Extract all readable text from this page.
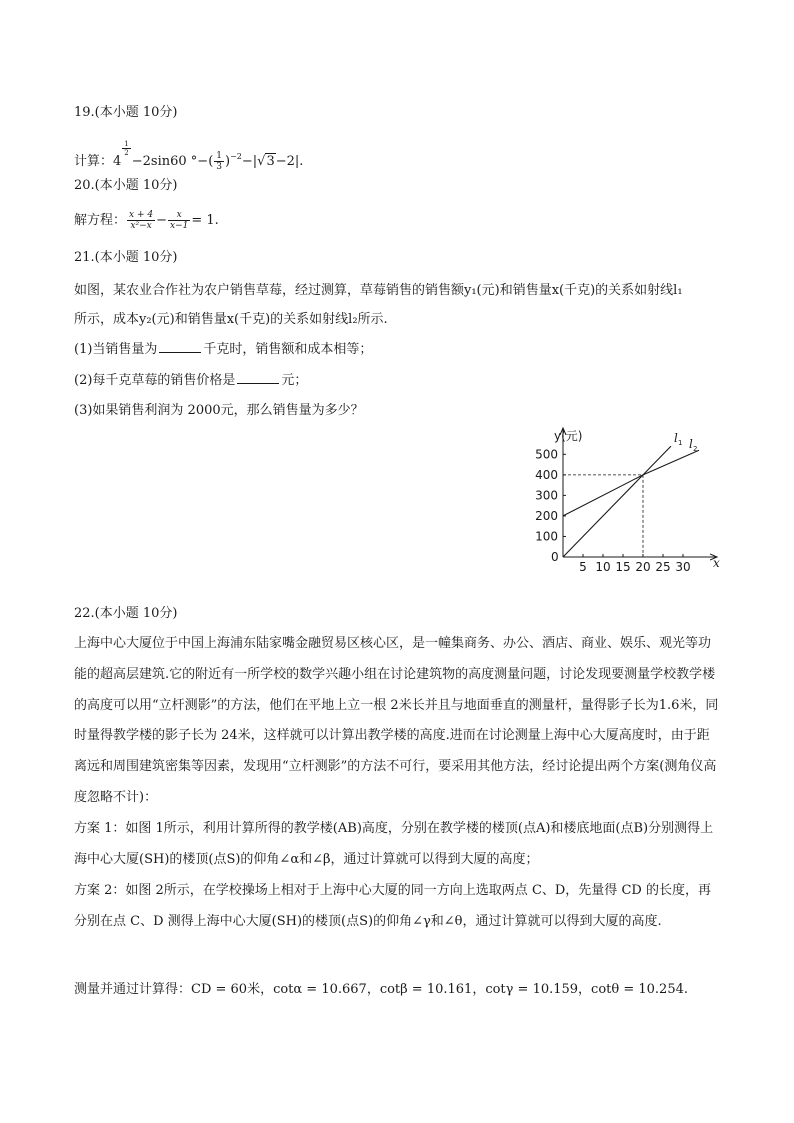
19.(本小题 10分)
计算：4
$\frac{1}{2}$
−2sin60 °−( $\frac{1}{3} )^{-2}-|√3-2|$.
20.(本小题 10分)
解方程： $\frac{x + 4}{\text{x²−x}} - \frac{x}{x-1} = 1$.
21.(本小题 10分)
如图，某农业合作社为农户销售草莓，经过测算，草莓销售的销售额y₁(元)和销售量x(千克)的关系如射线l₁
所示，成本y₂(元)和销售量x(千克)的关系如射线l₂所示.
(1)当销售量为	千克时，销售额和成本相等；
(2)每千克草莓的销售价格是	元；
(3)如果销售利润为 2000元，那么销售量为多少？
y(元)
x
0
5 10 15 20 25 30
100
200
300
400
500
l 1 l 2
22.(本小题 10分)
上海中心大厦位于中国上海浦东陆家嘴金融贸易区核心区，是一幢集商务、办公、酒店、商业、娱乐、观光等功能的超高层建筑.它的附近有一所学校的数学兴趣小组在讨论建筑物的高度测量问题，讨论发现要测量学校教学楼的高度可以用“立杆测影”的方法，他们在平地上立一根 2米长并且与地面垂直的测量杆，量得影子长为1.6米，同时量得教学楼的影子长为 24米，这样就可以计算出教学楼的高度.进而在讨论测量上海中心大厦高度时，由于距离远和周围建筑密集等因素，发现用“立杆测影”的方法不可行，要采用其他方法，经讨论提出两个方案(测角仪高度忽略不计)：
方案 1：如图 1所示，利用计算所得的教学楼(AB)高度，分别在教学楼的楼顶(点A)和楼底地面(点B)分别测得上海中心大厦(SH)的楼顶(点S)的仰角∠α和∠β，通过计算就可以得到大厦的高度；
方案 2：如图 2所示，在学校操场上相对于上海中心大厦的同一方向上选取两点 C、D，先量得 CD 的长度，再分别在点 C、D 测得上海中心大厦(SH)的楼顶(点S)的仰角∠γ和∠θ，通过计算就可以得到大厦的高度.
测量并通过计算得：CD = 60米，cotα = 10.667，cotβ = 10.161，cotγ = 10.159，cotθ = 10.254.
